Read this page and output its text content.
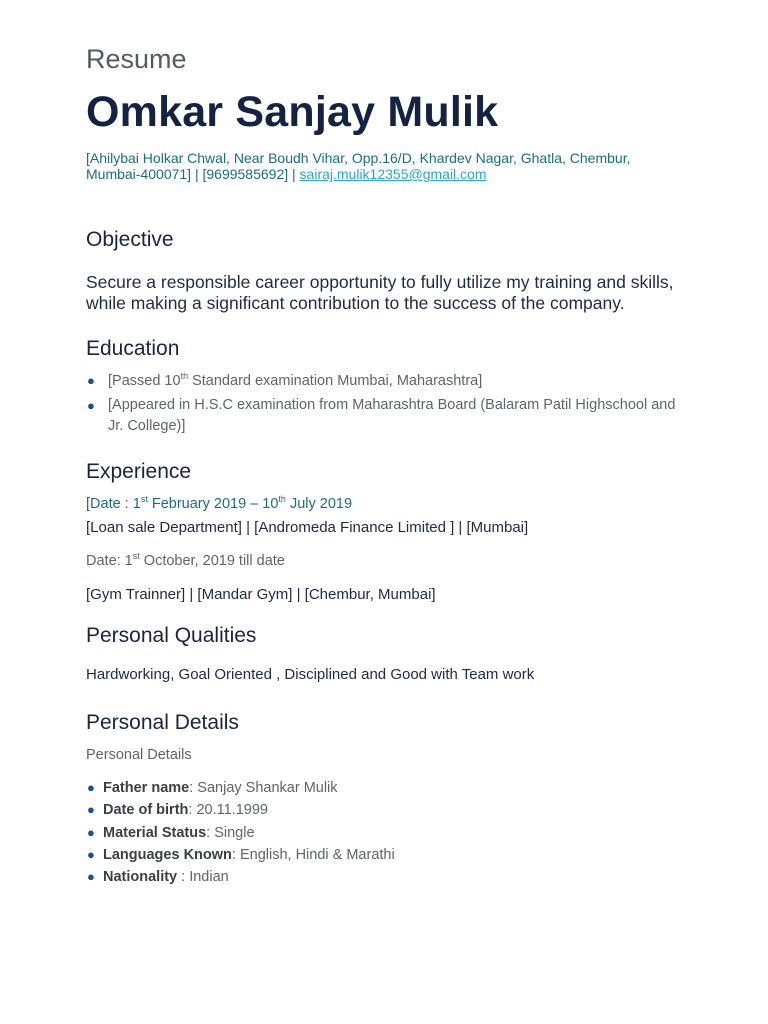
Resume
Omkar Sanjay Mulik
[Ahilybai Holkar Chwal, Near Boudh Vihar, Opp.16/D, Khardev Nagar, Ghatla, Chembur, Mumbai-400071] | [9699585692] | sairaj.mulik12355@gmail.com
Objective
Secure a responsible career opportunity to fully utilize my training and skills, while making a significant contribution to the success of the company.
Education
● [Passed 10th Standard examination Mumbai, Maharashtra]
● [Appeared in H.S.C examination from Maharashtra Board (Balaram Patil Highschool and Jr. College)]
Experience
[Date : 1st February 2019 – 10th July 2019
[Loan sale Department] | [Andromeda Finance Limited ] | [Mumbai]
Date: 1st October, 2019 till date
[Gym Trainner] | [Mandar Gym] | [Chembur, Mumbai]
Personal Qualities
Hardworking, Goal Oriented , Disciplined and Good with Team work
Personal Details
Personal Details
● Father name: Sanjay Shankar Mulik
● Date of birth: 20.11.1999
● Material Status: Single
● Languages Known: English, Hindi & Marathi
● Nationality : Indian
